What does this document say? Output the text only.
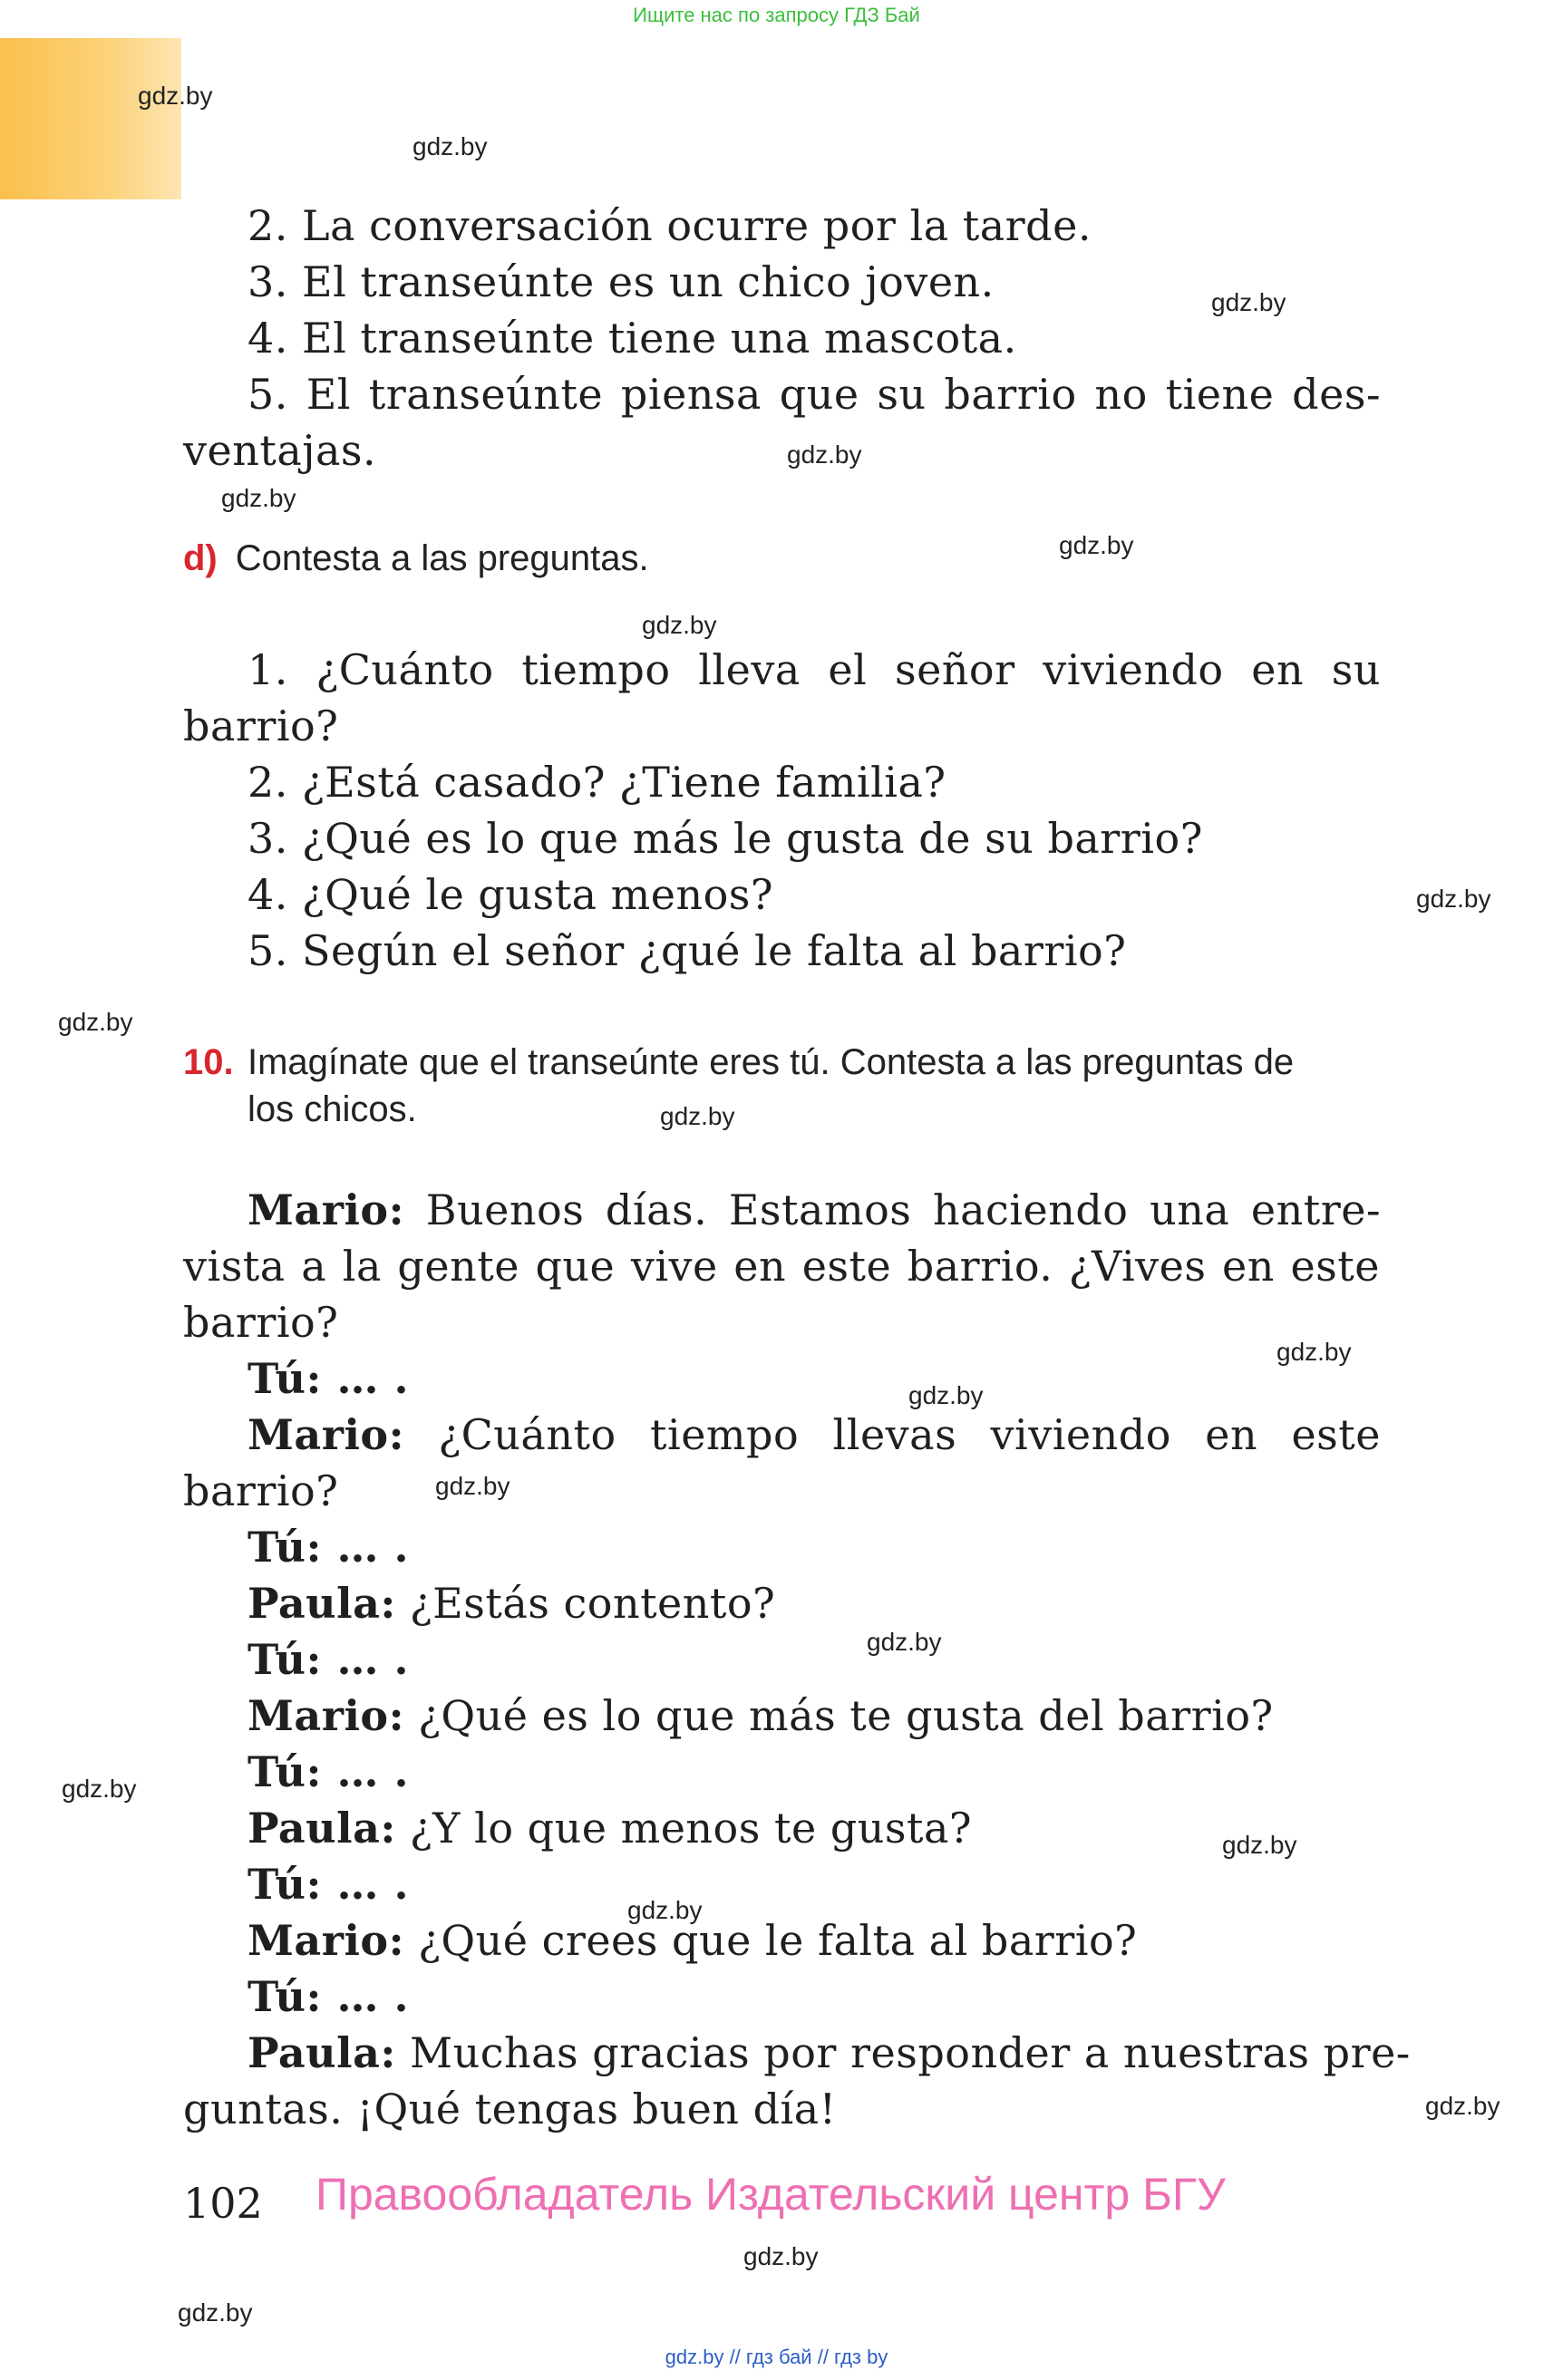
Ищите нас по запросу ГДЗ Бай
gdz.by
gdz.by
gdz.by
gdz.by
gdz.by
gdz.by
gdz.by
gdz.by
gdz.by
gdz.by
gdz.by
gdz.by
gdz.by
gdz.by
gdz.by
gdz.by
gdz.by
gdz.by
gdz.by
gdz.by
2. La conversación ocurre por la tarde.
3. El transeúnte es un chico joven.
4. El transeúnte tiene una mascota.
5. El transeúnte piensa que su barrio no tiene des-
ventajas.
d) Contesta a las preguntas.
1. ¿Cuánto tiempo lleva el señor viviendo en su
barrio?
2. ¿Está casado? ¿Tiene familia?
3. ¿Qué es lo que más le gusta de su barrio?
4. ¿Qué le gusta menos?
5. Según el señor ¿qué le falta al barrio?
10. Imagínate que el transeúnte eres tú. Contesta a las preguntas de
los chicos.
Mario: Buenos días. Estamos haciendo una entre-
vista a la gente que vive en este barrio. ¿Vives en este
barrio?
Tú: … .
Mario: ¿Cuánto tiempo llevas viviendo en este
barrio?
Tú: … .
Paula: ¿Estás contento?
Tú: … .
Mario: ¿Qué es lo que más te gusta del barrio?
Tú: … .
Paula: ¿Y lo que menos te gusta?
Tú: … .
Mario: ¿Qué crees que le falta al barrio?
Tú: … .
Paula: Muchas gracias por responder a nuestras pre-
guntas. ¡Qué tengas buen día!
102 Правообладатель Издательский центр БГУ
gdz.by // гдз бай // гдз by
